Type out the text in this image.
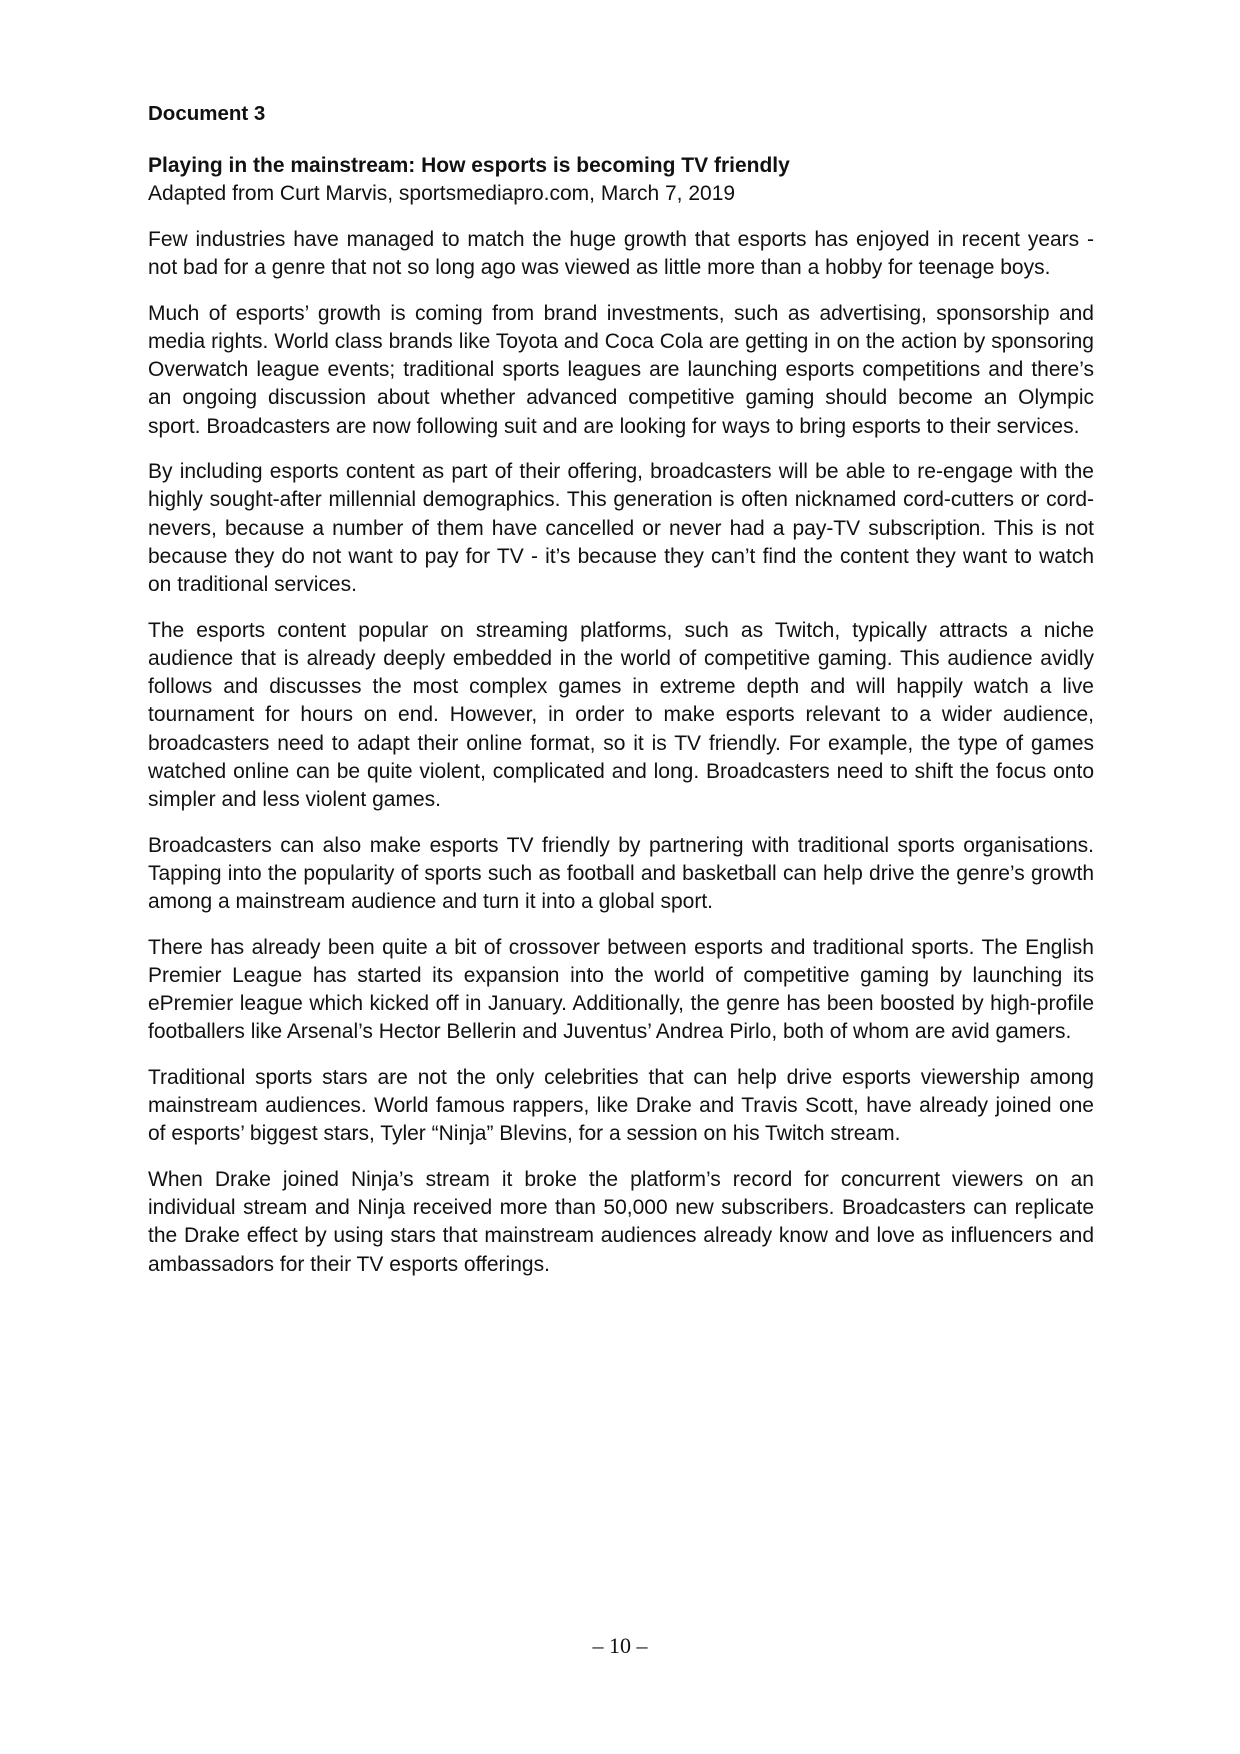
Document 3

Playing in the mainstream: How esports is becoming TV friendly

Adapted from Curt Marvis, sportsmediapro.com, March 7, 2019

Few industries have managed to match the huge growth that esports has enjoyed in recent years - not bad for a genre that not so long ago was viewed as little more than a hobby for teenage boys.

Much of esports’ growth is coming from brand investments, such as advertising, sponsorship and media rights. World class brands like Toyota and Coca Cola are getting in on the action by sponsoring Overwatch league events; traditional sports leagues are launching esports competitions and there’s an ongoing discussion about whether advanced competitive gaming should become an Olympic sport. Broadcasters are now following suit and are looking for ways to bring esports to their services.

By including esports content as part of their offering, broadcasters will be able to re-engage with the highly sought-after millennial demographics. This generation is often nicknamed cord-cutters or cord-nevers, because a number of them have cancelled or never had a pay-TV subscription. This is not because they do not want to pay for TV - it’s because they can’t find the content they want to watch on traditional services.

The esports content popular on streaming platforms, such as Twitch, typically attracts a niche audience that is already deeply embedded in the world of competitive gaming. This audience avidly follows and discusses the most complex games in extreme depth and will happily watch a live tournament for hours on end. However, in order to make esports relevant to a wider audience, broadcasters need to adapt their online format, so it is TV friendly. For example, the type of games watched online can be quite violent, complicated and long. Broadcasters need to shift the focus onto simpler and less violent games.

Broadcasters can also make esports TV friendly by partnering with traditional sports organisations. Tapping into the popularity of sports such as football and basketball can help drive the genre’s growth among a mainstream audience and turn it into a global sport.

There has already been quite a bit of crossover between esports and traditional sports. The English Premier League has started its expansion into the world of competitive gaming by launching its ePremier league which kicked off in January. Additionally, the genre has been boosted by high-profile footballers like Arsenal’s Hector Bellerin and Juventus’ Andrea Pirlo, both of whom are avid gamers.

Traditional sports stars are not the only celebrities that can help drive esports viewership among mainstream audiences. World famous rappers, like Drake and Travis Scott, have already joined one of esports’ biggest stars, Tyler “Ninja” Blevins, for a session on his Twitch stream.

When Drake joined Ninja’s stream it broke the platform’s record for concurrent viewers on an individual stream and Ninja received more than 50,000 new subscribers. Broadcasters can replicate the Drake effect by using stars that mainstream audiences already know and love as influencers and ambassadors for their TV esports offerings.

– 10 –
